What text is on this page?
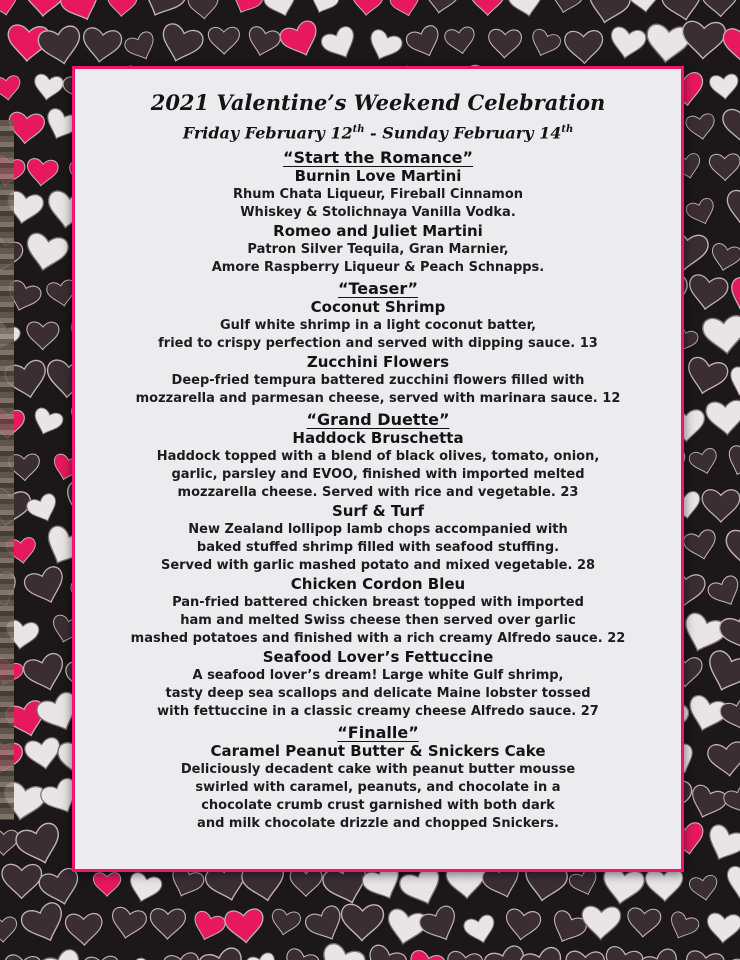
2021 Valentine’s Weekend Celebration

Friday February 12th - Sunday February 14th

“Start the Romance”

Burnin Love Martini

Rhum Chata Liqueur, Fireball Cinnamon

Whiskey & Stolichnaya Vanilla Vodka.

Romeo and Juliet Martini

Patron Silver Tequila, Gran Marnier,

Amore Raspberry Liqueur & Peach Schnapps.

“Teaser”

Coconut Shrimp

Gulf white shrimp in a light coconut batter,

fried to crispy perfection and served with dipping sauce. 13

Zucchini Flowers

Deep-fried tempura battered zucchini flowers filled with

mozzarella and parmesan cheese, served with marinara sauce. 12

“Grand Duette”

Haddock Bruschetta

Haddock topped with a blend of black olives, tomato, onion,

garlic, parsley and EVOO, finished with imported melted

mozzarella cheese. Served with rice and vegetable. 23

Surf & Turf

New Zealand lollipop lamb chops accompanied with

baked stuffed shrimp filled with seafood stuffing.

Served with garlic mashed potato and mixed vegetable. 28

Chicken Cordon Bleu

Pan-fried battered chicken breast topped with imported

ham and melted Swiss cheese then served over garlic

mashed potatoes and finished with a rich creamy Alfredo sauce. 22

Seafood Lover’s Fettuccine

A seafood lover’s dream! Large white Gulf shrimp,

tasty deep sea scallops and delicate Maine lobster tossed

with fettuccine in a classic creamy cheese Alfredo sauce. 27

“Finalle”

Caramel Peanut Butter & Snickers Cake

Deliciously decadent cake with peanut butter mousse

swirled with caramel, peanuts, and chocolate in a

chocolate crumb crust garnished with both dark

and milk chocolate drizzle and chopped Snickers.
